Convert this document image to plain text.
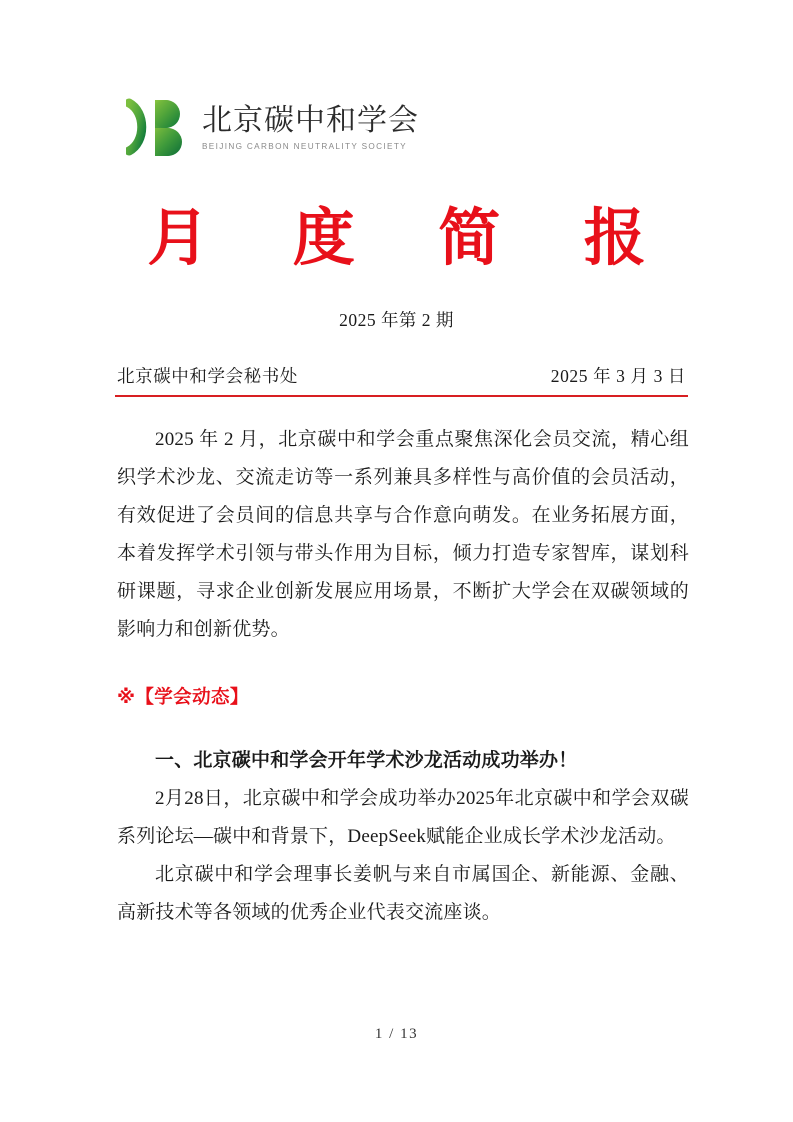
北京碳中和学会
BEIJING CARBON NEUTRALITY SOCIETY
月 度 简 报
2025 年第 2 期
北京碳中和学会秘书处	2025 年 3 月 3 日

2025 年 2 月，北京碳中和学会重点聚焦深化会员交流，精心组织学术沙龙、交流走访等一系列兼具多样性与高价值的会员活动，有效促进了会员间的信息共享与合作意向萌发。在业务拓展方面，本着发挥学术引领与带头作用为目标，倾力打造专家智库，谋划科研课题，寻求企业创新发展应用场景，不断扩大学会在双碳领域的影响力和创新优势。

※【学会动态】

一、北京碳中和学会开年学术沙龙活动成功举办！

2月28日，北京碳中和学会成功举办2025年北京碳中和学会双碳系列论坛—碳中和背景下，DeepSeek赋能企业成长学术沙龙活动。

北京碳中和学会理事长姜帆与来自市属国企、新能源、金融、高新技术等各领域的优秀企业代表交流座谈。

1 / 13
